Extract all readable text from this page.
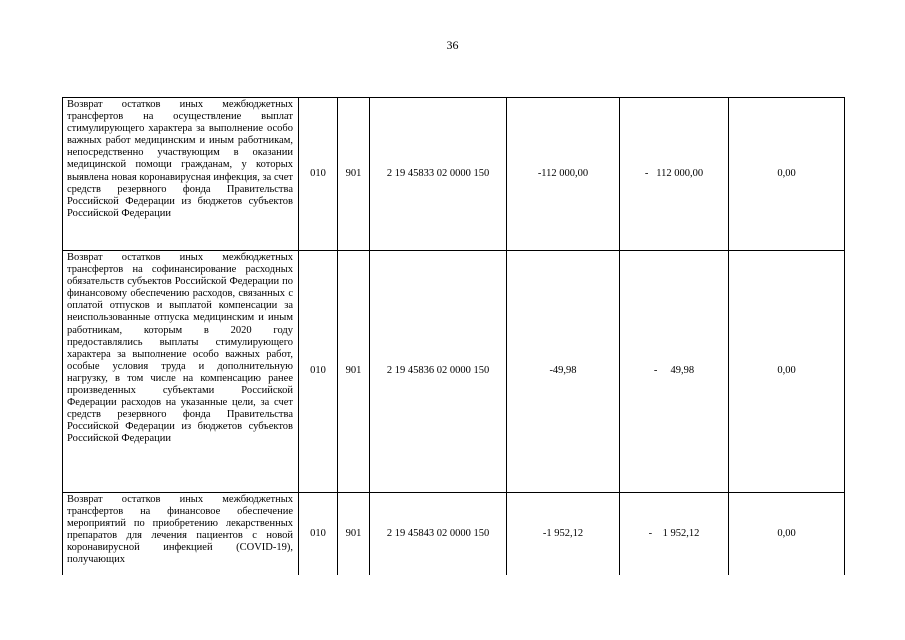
36
Возврат остатков иных межбюджетных трансфертов на осуществление выплат стимулирующего характера за выполнение особо важных работ медицинским и иным работникам, непосредственно участвующим в оказании медицинской помощи гражданам, у которых выявлена новая коронавирусная инфекция, за счет средств резервного фонда Правительства Российской Федерации из бюджетов субъектов Российской Федерации	010	901	2 19 45833 02 0000 150	-112 000,00	-   112 000,00	0,00
Возврат остатков иных межбюджетных трансфертов на софинансирование расходных обязательств субъектов Российской Федерации по финансовому обеспечению расходов, связанных с оплатой отпусков и выплатой компенсации за неиспользованные отпуска медицинским и иным работникам, которым в 2020 году предоставлялись выплаты стимулирующего характера за выполнение особо важных работ, особые условия труда и дополнительную нагрузку, в том числе на компенсацию ранее произведенных субъектами Российской Федерации расходов на указанные цели, за счет средств резервного фонда Правительства Российской Федерации из бюджетов субъектов Российской Федерации	010	901	2 19 45836 02 0000 150	-49,98	-     49,98	0,00

Возврат остатков иных межбюджетных трансфертов на финансовое обеспечение мероприятий по приобретению лекарственных препаратов для лечения пациентов с новой коронавирусной инфекцией (COVID-19), получающих	010	901	2 19 45843 02 0000 150	-1 952,12	-    1 952,12	0,00
